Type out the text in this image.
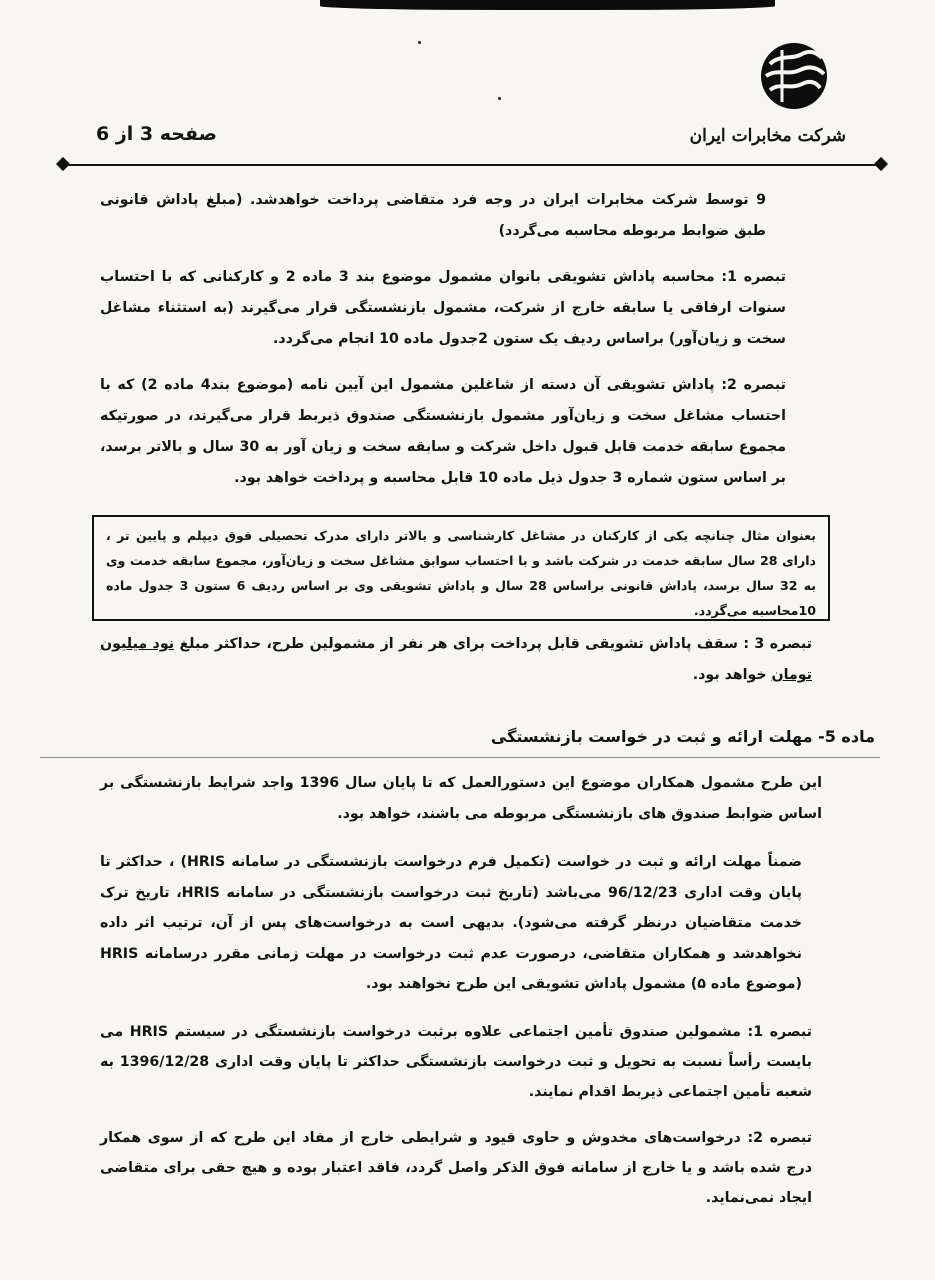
شرکت مخابرات ایران
صفحه 3 از 6

9 توسط شرکت مخابرات ایران در وجه فرد متقاضی پرداخت خواهدشد. (مبلغ پاداش قانونی طبق ضوابط مربوطه محاسبه می‌گردد)

تبصره 1: محاسبه پاداش تشویقی بانوان مشمول موضوع بند 3 ماده 2 و کارکنانی که با احتساب سنوات ارفاقی یا سابقه خارج از شرکت، مشمول بازنشستگی قرار می‌گیرند (به استثناء مشاغل سخت و زیان‌آور) براساس ردیف یک ستون 2جدول ماده 10 انجام می‌گردد.

تبصره 2: پاداش تشویقی آن دسته از شاغلین مشمول این آیین نامه (موضوع بند4 ماده 2) که با احتساب مشاغل سخت و زیان‌آور مشمول بازنشستگی صندوق ذیربط قرار می‌گیرند، در صورتیکه مجموع سابقه خدمت قابل قبول داخل شرکت و سابقه سخت و زیان آور به 30 سال و بالاتر برسد، بر اساس ستون شماره 3 جدول ذیل ماده 10 قابل محاسبه و پرداخت خواهد بود.

بعنوان مثال چنانچه یکی از کارکنان در مشاغل کارشناسی و بالاتر دارای مدرک تحصیلی فوق دیپلم و پایین تر ، دارای 28 سال سابقه خدمت در شرکت باشد و با احتساب سوابق مشاغل سخت و زیان‌آور، مجموع سابقه خدمت وی به 32 سال برسد، پاداش قانونی براساس 28 سال و پاداش تشویقی وی بر اساس ردیف 6 ستون 3 جدول ماده 10محاسبه می‌گردد.

تبصره 3 : سقف پاداش تشویقی قابل پرداخت برای هر نفر از مشمولین طرح، حداکثر مبلغ نود میلیون تومان خواهد بود.

ماده 5- مهلت ارائه و ثبت در خواست بازنشستگی

این طرح مشمول همکاران موضوع این دستورالعمل که تا پایان سال 1396 واجد شرایط بازنشستگی بر اساس ضوابط صندوق های بازنشستگی مربوطه می باشند، خواهد بود.

ضمناً مهلت ارائه و ثبت در خواست (تکمیل فرم درخواست بازنشستگی در سامانه HRIS) ، حداکثر تا پایان وقت اداری 96/12/23 می‌باشد (تاریخ ثبت درخواست بازنشستگی در سامانه HRIS، تاریخ ترک خدمت متقاضیان درنظر گرفته می‌شود). بدیهی است به درخواست‌های پس از آن، ترتیب اثر داده نخواهدشد و همکاران متقاضی، درصورت عدم ثبت درخواست در مهلت زمانی مقرر درسامانه HRIS (موضوع ماده ۵) مشمول پاداش تشویقی این طرح نخواهند بود.

تبصره 1: مشمولین صندوق تأمین اجتماعی علاوه برثبت درخواست بازنشستگی در سیستم HRIS می بایست رأساً نسبت به تحویل و ثبت درخواست بازنشستگی حداکثر تا پایان وقت اداری 1396/12/28 به شعبه تأمین اجتماعی ذیربط اقدام نمایند.

تبصره 2: درخواست‌های مخدوش و حاوی قیود و شرایطی خارج از مفاد این طرح که از سوی همکار درج شده باشد و یا خارج از سامانه فوق الذکر واصل گردد، فاقد اعتبار بوده و هیچ حقی برای متقاضی ایجاد نمی‌نماید.
